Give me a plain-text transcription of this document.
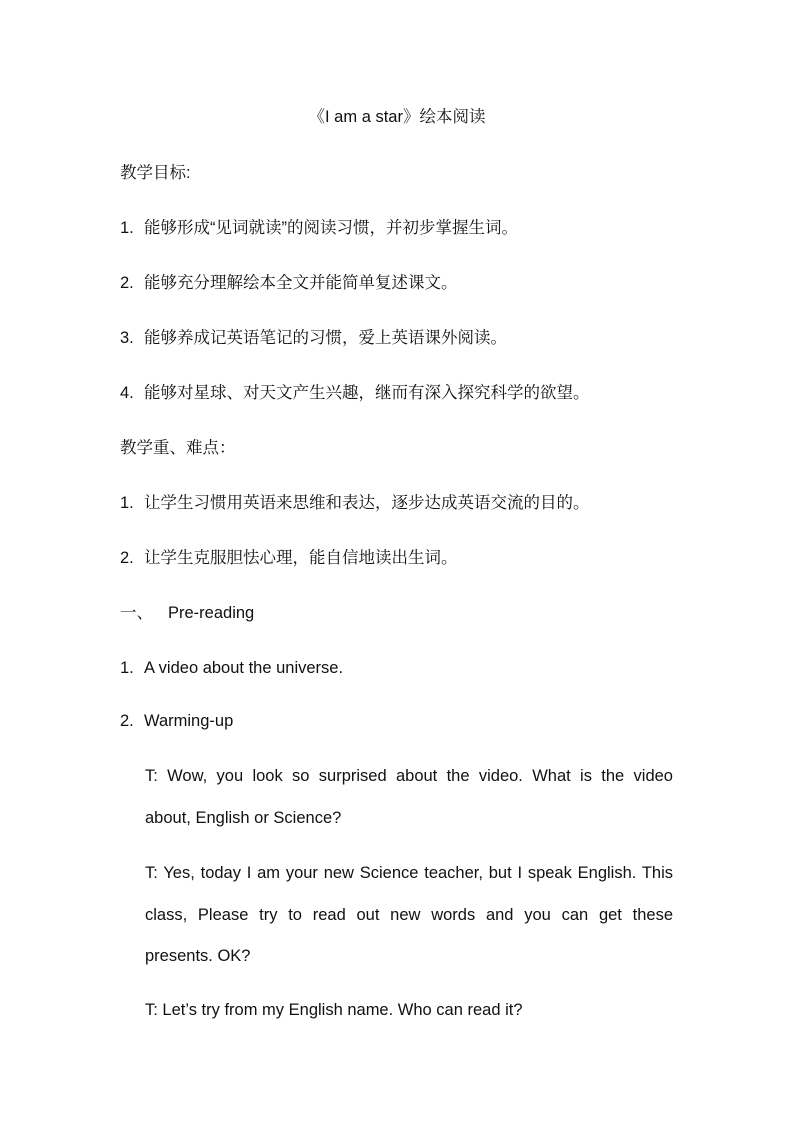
《I am a star》绘本阅读
教学目标:
1. 能够形成“见词就读”的阅读习惯，并初步掌握生词。
2. 能够充分理解绘本全文并能简单复述课文。
3. 能够养成记英语笔记的习惯，爱上英语课外阅读。
4. 能够对星球、对天文产生兴趣，继而有深入探究科学的欲望。
教学重、难点：
1. 让学生习惯用英语来思维和表达，逐步达成英语交流的目的。
2. 让学生克服胆怯心理，能自信地读出生词。
一、 Pre-reading
1. A video about the universe.
2. Warming-up
T: Wow, you look so surprised about the video. What is the video
about, English or Science?
T: Yes, today I am your new Science teacher, but I speak English. This
class, Please try to read out new words and you can get these
presents. OK?
T: Let’s try from my English name. Who can read it?
